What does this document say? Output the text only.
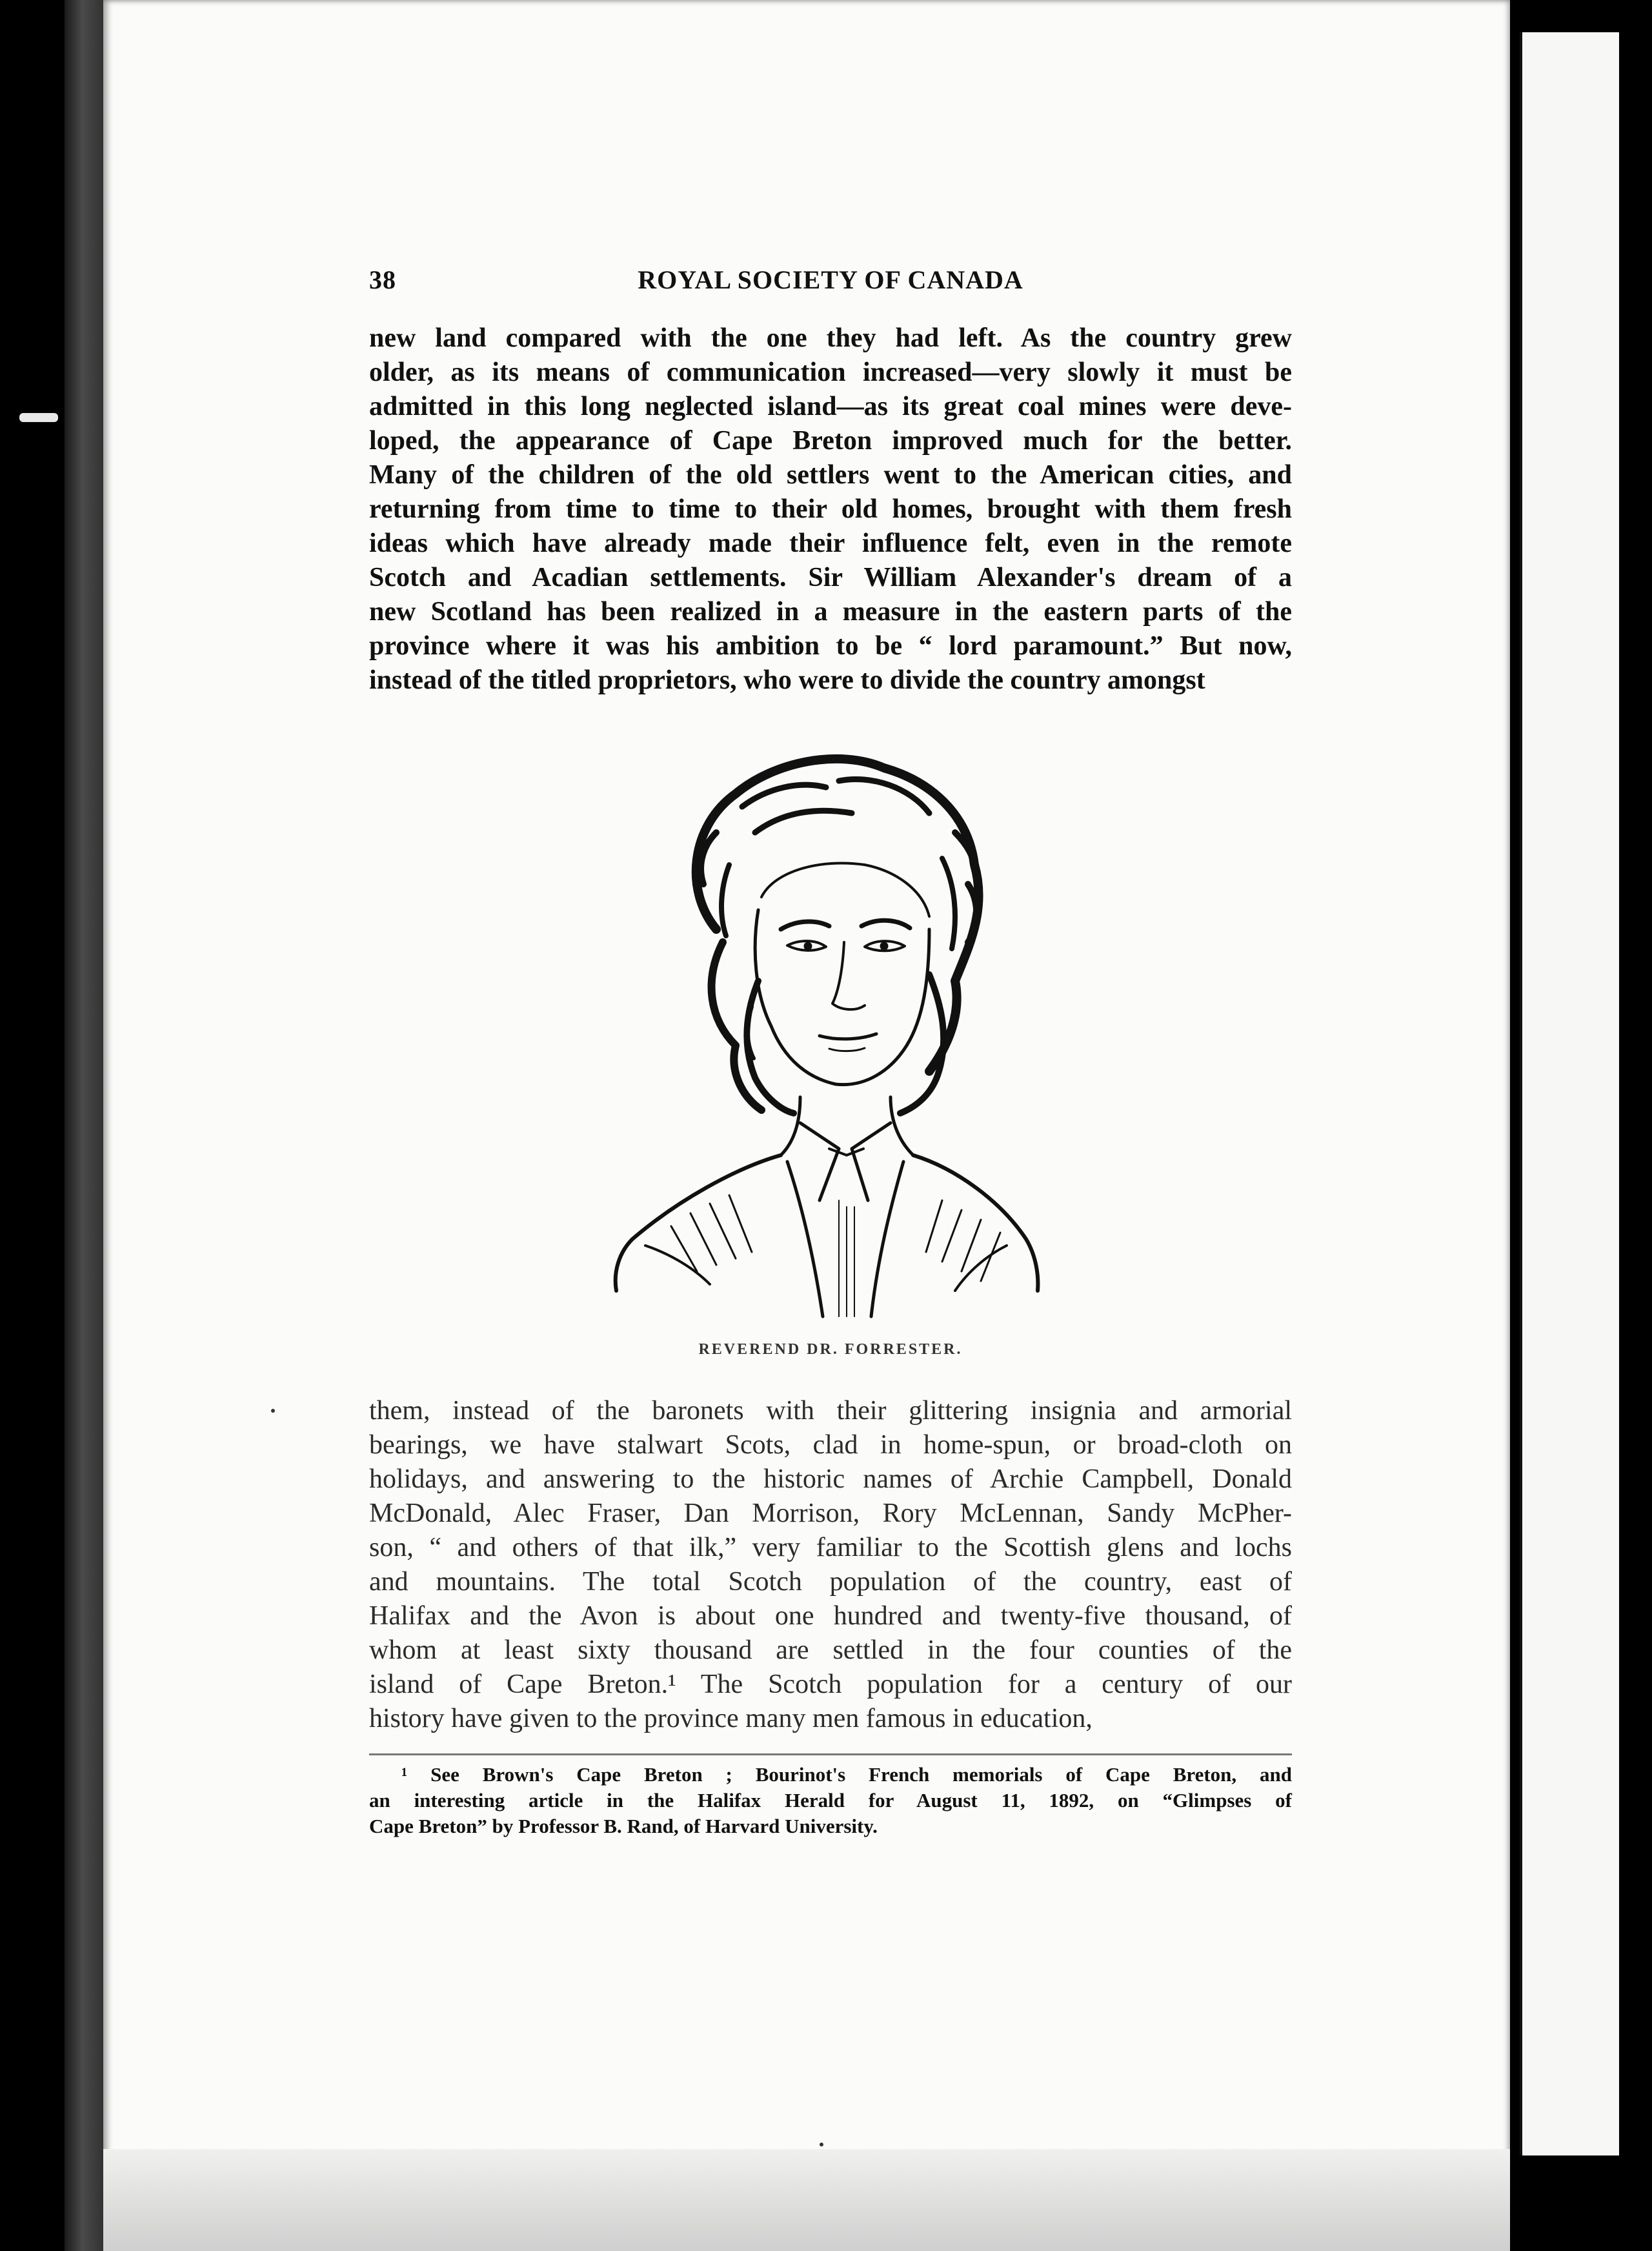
38	ROYAL SOCIETY OF CANADA
new land compared with the one they had left. As the country grew
older, as its means of communication increased—very slowly it must be
admitted in this long neglected island—as its great coal mines were deve-
loped, the appearance of Cape Breton improved much for the better.
Many of the children of the old settlers went to the American cities, and
returning from time to time to their old homes, brought with them fresh
ideas which have already made their influence felt, even in the remote
Scotch and Acadian settlements. Sir William Alexander's dream of a
new Scotland has been realized in a measure in the eastern parts of the
province where it was his ambition to be “ lord paramount.” But now,
instead of the titled proprietors, who were to divide the country amongst
REVEREND DR. FORRESTER.
them, instead of the baronets with their glittering insignia and armorial
bearings, we have stalwart Scots, clad in home-spun, or broad-cloth on
holidays, and answering to the historic names of Archie Campbell, Donald
McDonald, Alec Fraser, Dan Morrison, Rory McLennan, Sandy McPher-
son, “ and others of that ilk,” very familiar to the Scottish glens and lochs
and mountains. The total Scotch population of the country, east of
Halifax and the Avon is about one hundred and twenty-five thousand, of
whom at least sixty thousand are settled in the four counties of the
island of Cape Breton.¹ The Scotch population for a century of our
history have given to the province many men famous in education,
¹ See Brown's Cape Breton ; Bourinot's French memorials of Cape Breton, and
an interesting article in the Halifax Herald for August 11, 1892, on “Glimpses of
Cape Breton” by Professor B. Rand, of Harvard University.
